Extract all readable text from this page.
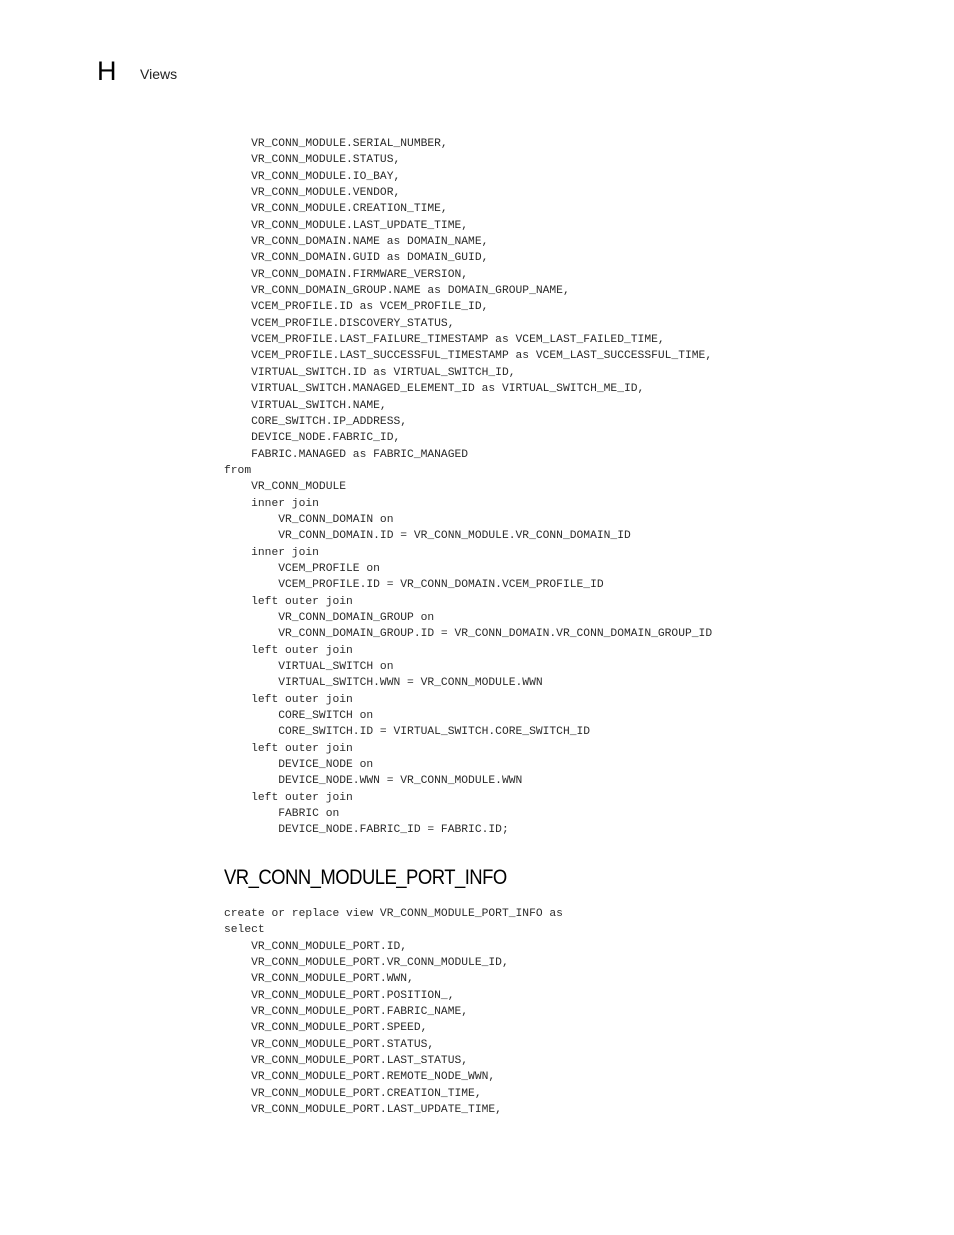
H Views
VR_CONN_MODULE.SERIAL_NUMBER,
VR_CONN_MODULE.STATUS,
VR_CONN_MODULE.IO_BAY,
VR_CONN_MODULE.VENDOR,
VR_CONN_MODULE.CREATION_TIME,
VR_CONN_MODULE.LAST_UPDATE_TIME,
VR_CONN_DOMAIN.NAME as DOMAIN_NAME,
VR_CONN_DOMAIN.GUID as DOMAIN_GUID,
VR_CONN_DOMAIN.FIRMWARE_VERSION,
VR_CONN_DOMAIN_GROUP.NAME as DOMAIN_GROUP_NAME,
VCEM_PROFILE.ID as VCEM_PROFILE_ID,
VCEM_PROFILE.DISCOVERY_STATUS,
VCEM_PROFILE.LAST_FAILURE_TIMESTAMP as VCEM_LAST_FAILED_TIME,
VCEM_PROFILE.LAST_SUCCESSFUL_TIMESTAMP as VCEM_LAST_SUCCESSFUL_TIME,
VIRTUAL_SWITCH.ID as VIRTUAL_SWITCH_ID,
VIRTUAL_SWITCH.MANAGED_ELEMENT_ID as VIRTUAL_SWITCH_ME_ID,
VIRTUAL_SWITCH.NAME,
CORE_SWITCH.IP_ADDRESS,
DEVICE_NODE.FABRIC_ID,
FABRIC.MANAGED as FABRIC_MANAGED
from
VR_CONN_MODULE
inner join
VR_CONN_DOMAIN on
VR_CONN_DOMAIN.ID = VR_CONN_MODULE.VR_CONN_DOMAIN_ID
inner join
VCEM_PROFILE on
VCEM_PROFILE.ID = VR_CONN_DOMAIN.VCEM_PROFILE_ID
left outer join
VR_CONN_DOMAIN_GROUP on
VR_CONN_DOMAIN_GROUP.ID = VR_CONN_DOMAIN.VR_CONN_DOMAIN_GROUP_ID
left outer join
VIRTUAL_SWITCH on
VIRTUAL_SWITCH.WWN = VR_CONN_MODULE.WWN
left outer join
CORE_SWITCH on
CORE_SWITCH.ID = VIRTUAL_SWITCH.CORE_SWITCH_ID
left outer join
DEVICE_NODE on
DEVICE_NODE.WWN = VR_CONN_MODULE.WWN
left outer join
FABRIC on
DEVICE_NODE.FABRIC_ID = FABRIC.ID;
VR_CONN_MODULE_PORT_INFO
create or replace view VR_CONN_MODULE_PORT_INFO as
select
VR_CONN_MODULE_PORT.ID,
VR_CONN_MODULE_PORT.VR_CONN_MODULE_ID,
VR_CONN_MODULE_PORT.WWN,
VR_CONN_MODULE_PORT.POSITION_,
VR_CONN_MODULE_PORT.FABRIC_NAME,
VR_CONN_MODULE_PORT.SPEED,
VR_CONN_MODULE_PORT.STATUS,
VR_CONN_MODULE_PORT.LAST_STATUS,
VR_CONN_MODULE_PORT.REMOTE_NODE_WWN,
VR_CONN_MODULE_PORT.CREATION_TIME,
VR_CONN_MODULE_PORT.LAST_UPDATE_TIME,
